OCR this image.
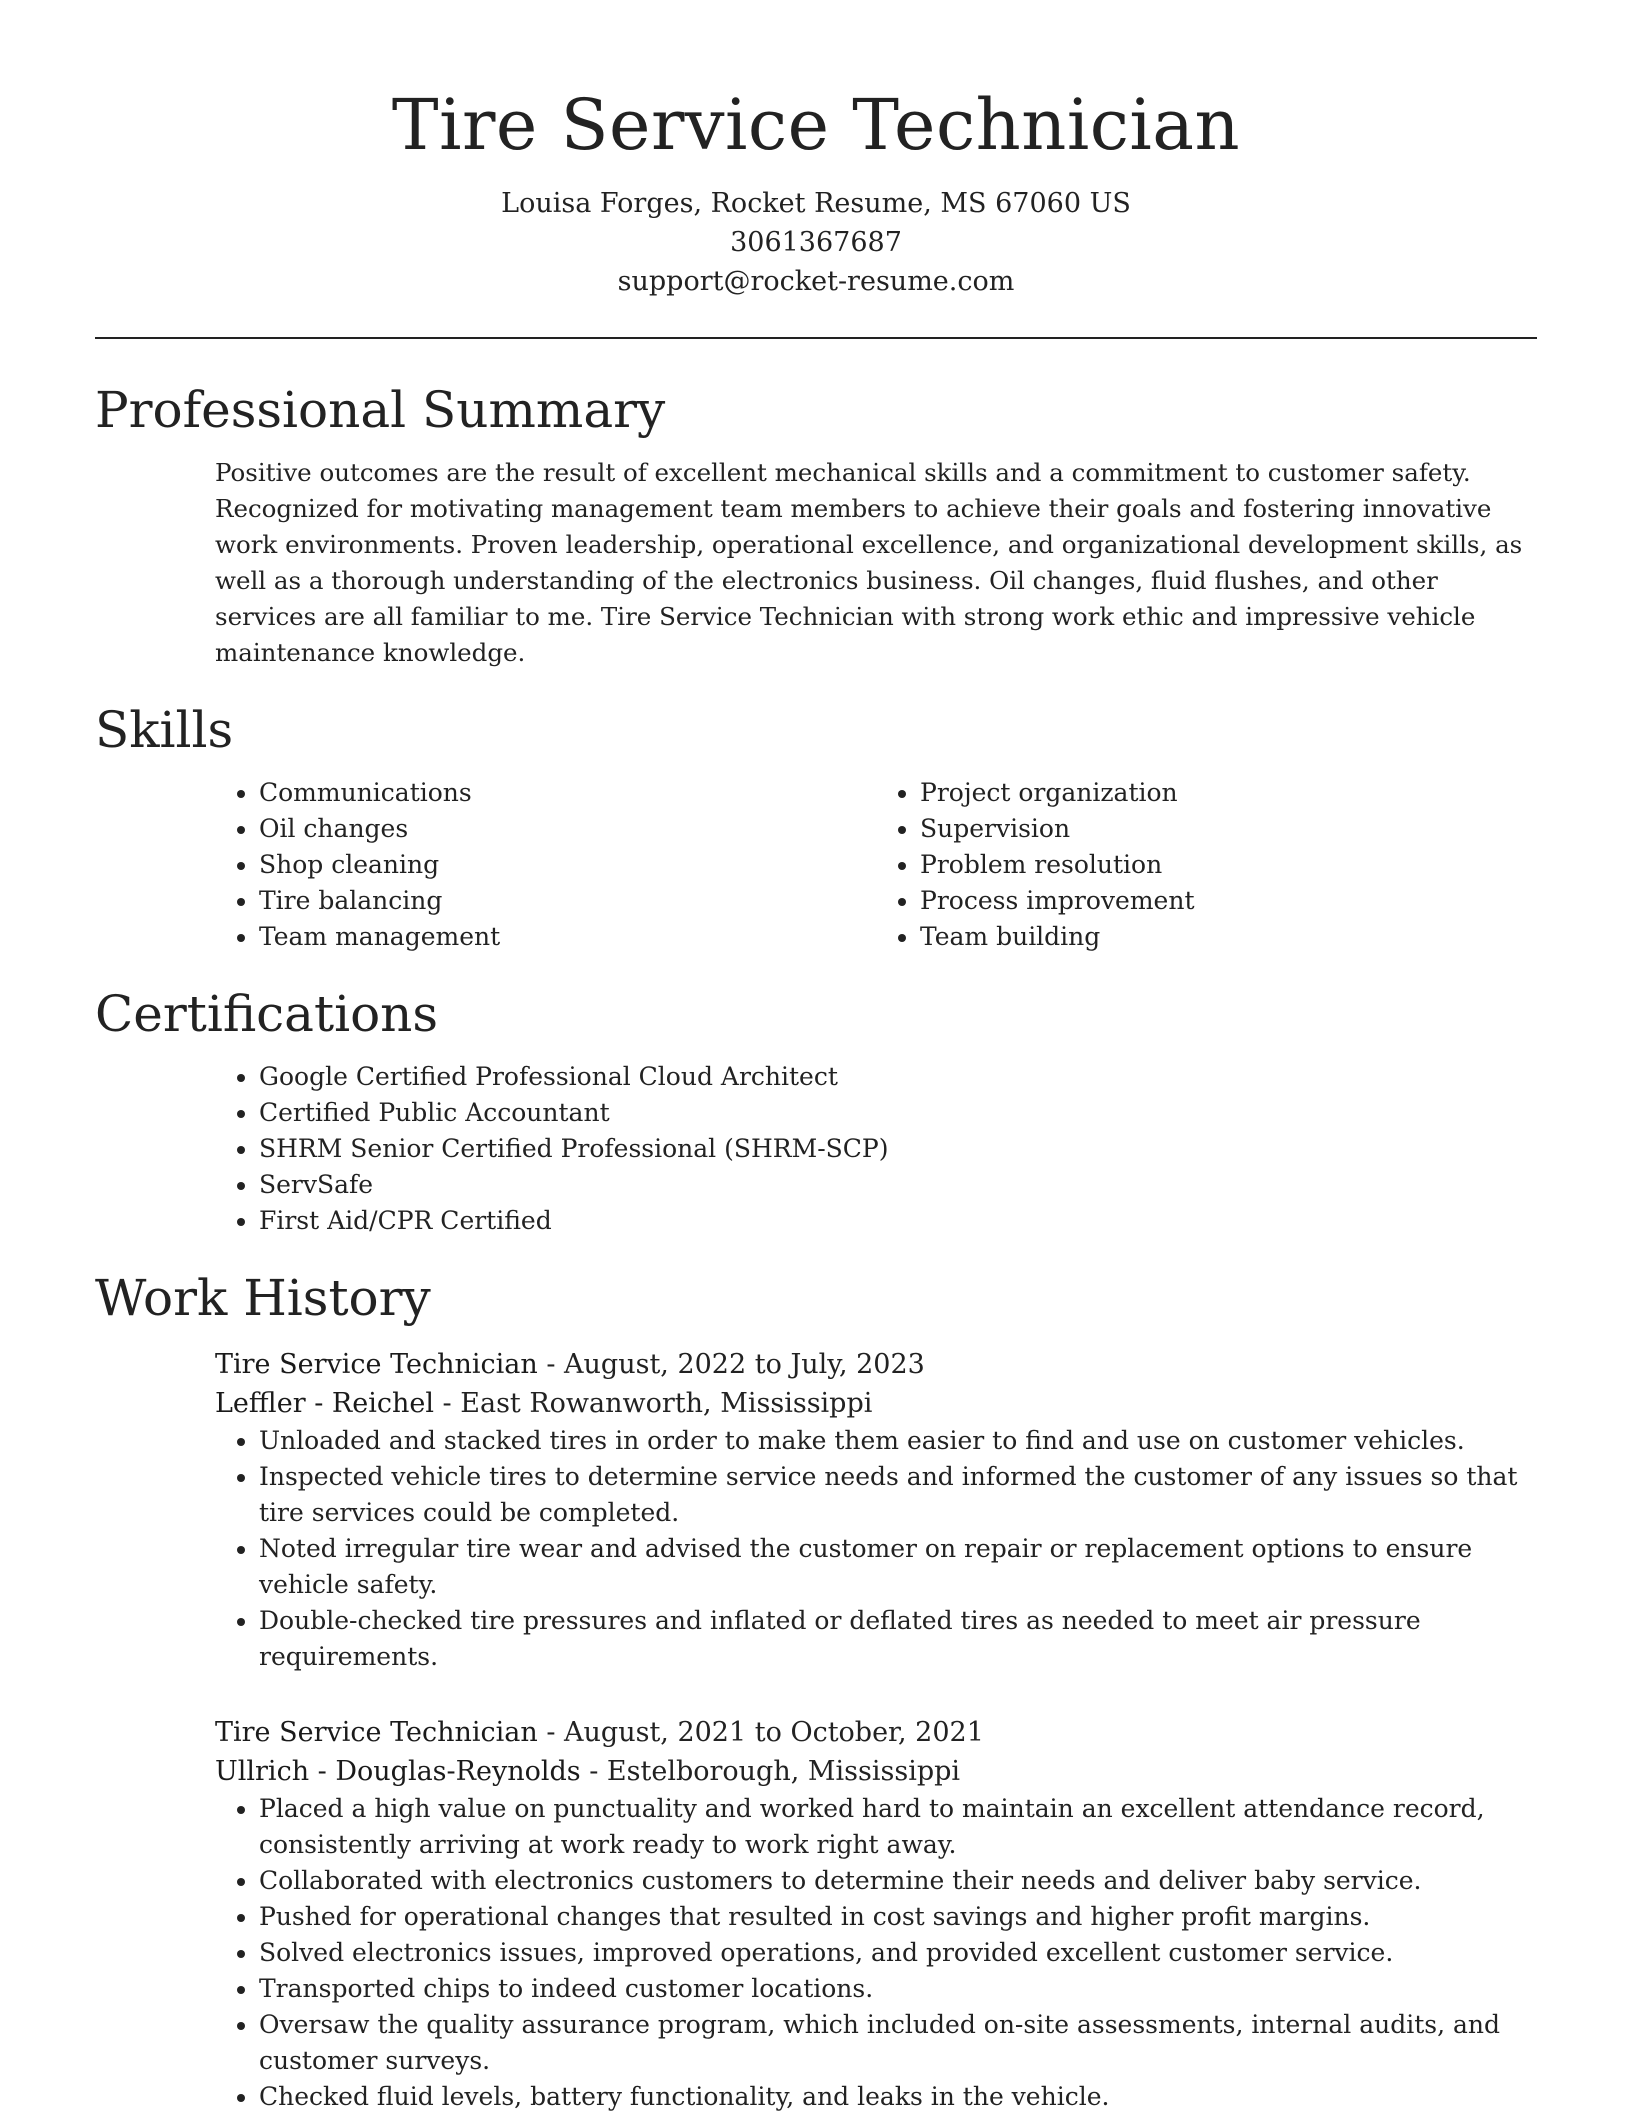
Tire Service Technician

Louisa Forges, Rocket Resume, MS 67060 US

3061367687

support@rocket-resume.com

Professional Summary

Positive outcomes are the result of excellent mechanical skills and a commitment to customer safety. Recognized for motivating management team members to achieve their goals and fostering innovative work environments. Proven leadership, operational excellence, and organizational development skills, as well as a thorough understanding of the electronics business. Oil changes, fluid flushes, and other services are all familiar to me. Tire Service Technician with strong work ethic and impressive vehicle maintenance knowledge.

Skills
• Communications
• Oil changes
• Shop cleaning
• Tire balancing
• Team management
• Project organization
• Supervision
• Problem resolution
• Process improvement
• Team building
Certifications
• Google Certified Professional Cloud Architect
• Certified Public Accountant
• SHRM Senior Certified Professional (SHRM-SCP)
• ServSafe
• First Aid/CPR Certified
Work History

Tire Service Technician - August, 2022 to July, 2023

Leffler - Reichel - East Rowanworth, Mississippi

• Unloaded and stacked tires in order to make them easier to find and use on customer vehicles.
• Inspected vehicle tires to determine service needs and informed the customer of any issues so that tire services could be completed.
• Noted irregular tire wear and advised the customer on repair or replacement options to ensure vehicle safety.
• Double-checked tire pressures and inflated or deflated tires as needed to meet air pressure requirements.

Tire Service Technician - August, 2021 to October, 2021

Ullrich - Douglas-Reynolds - Estelborough, Mississippi

• Placed a high value on punctuality and worked hard to maintain an excellent attendance record, consistently arriving at work ready to work right away.
• Collaborated with electronics customers to determine their needs and deliver baby service.
• Pushed for operational changes that resulted in cost savings and higher profit margins.
• Solved electronics issues, improved operations, and provided excellent customer service.
• Transported chips to indeed customer locations.
• Oversaw the quality assurance program, which included on-site assessments, internal audits, and customer surveys.
• Checked fluid levels, battery functionality, and leaks in the vehicle.
